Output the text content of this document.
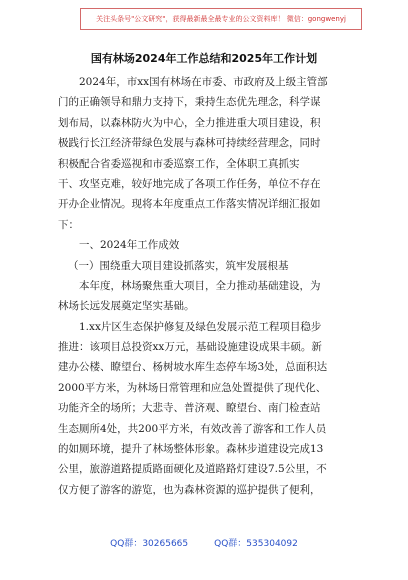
关注头条号"公文研究"，获得最新最全最专业的公文资料库！ 微信：gongwenyj
国有林场2024年工作总结和2025年工作计划
2024年，市xx国有林场在市委、市政府及上级主管部
门的正确领导和鼎力支持下，秉持生态优先理念，科学谋
划布局，以森林防火为中心，全力推进重大项目建设，积
极践行长江经济带绿色发展与森林可持续经营理念，同时
积极配合省委巡视和市委巡察工作，全体职工真抓实
干、攻坚克难，较好地完成了各项工作任务，单位不存在
开办企业情况。现将本年度重点工作落实情况详细汇报如
下：
一、2024年工作成效
（一）围绕重大项目建设抓落实，筑牢发展根基
本年度，林场聚焦重大项目，全力推动基础建设，为
林场长远发展奠定坚实基础。
1.xx片区生态保护修复及绿色发展示范工程项目稳步
推进：该项目总投资xx万元，基础设施建设成果丰硕。新
建办公楼、瞭望台、杨树坡水库生态停车场3处，总面积达
2000平方米，为林场日常管理和应急处置提供了现代化、
功能齐全的场所；大悲寺、普济观、瞭望台、南门检查站
生态厕所4处，共200平方米，有效改善了游客和工作人员
的如厕环境，提升了林场整体形象。森林步道建设完成13
公里，旅游道路提质路面硬化及道路路灯建设7.5公里，不
仅方便了游客的游览，也为森林资源的巡护提供了便利，
QQ群：30265665	QQ群：535304092
